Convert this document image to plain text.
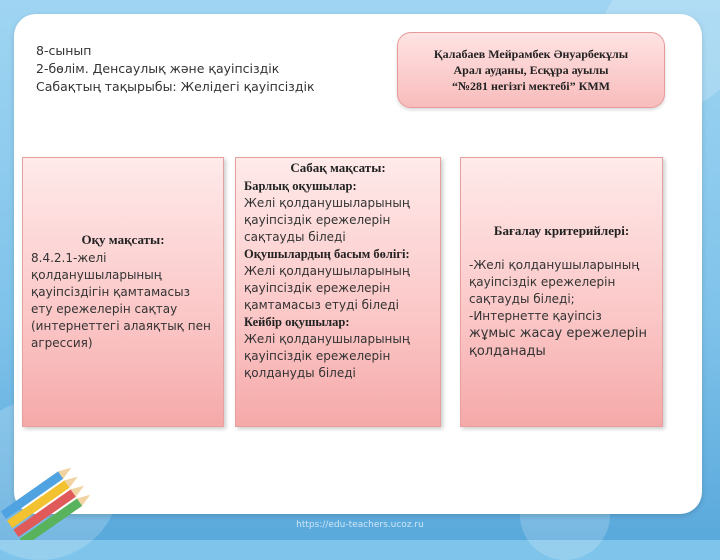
8-сынып
2-бөлім. Денсаулық және қауіпсіздік
Сабақтың тақырыбы: Желідегі қауіпсіздік
Қалабаев Мейрамбек Әнуарбекұлы
Арал ауданы, Есқұра ауылы
“№281 негізгі мектебі” КММ
Оқу мақсаты:
8.4.2.1-желі қолданушыларының қауіпсіздігін қамтамасыз ету ережелерін сақтау (интернеттегі алаяқтық пен агрессия)
Сабақ мақсаты:
Барлық оқушылар:
Желі қолданушыларының қауіпсіздік ережелерін сақтауды біледі
Оқушылардың басым бөлігі:
Желі қолданушыларының қауіпсіздік ережелерін қамтамасыз етуді біледі
Кейбір оқушылар:
Желі қолданушыларының қауіпсіздік ережелерін қолдануды біледі
Бағалау критерийлері:
-Желі қолданушыларының қауіпсіздік ережелерін сақтауды біледі;
-Интернетте қауіпсіз
жұмыс жасау ережелерін қолданады
https://edu-teachers.ucoz.ru
